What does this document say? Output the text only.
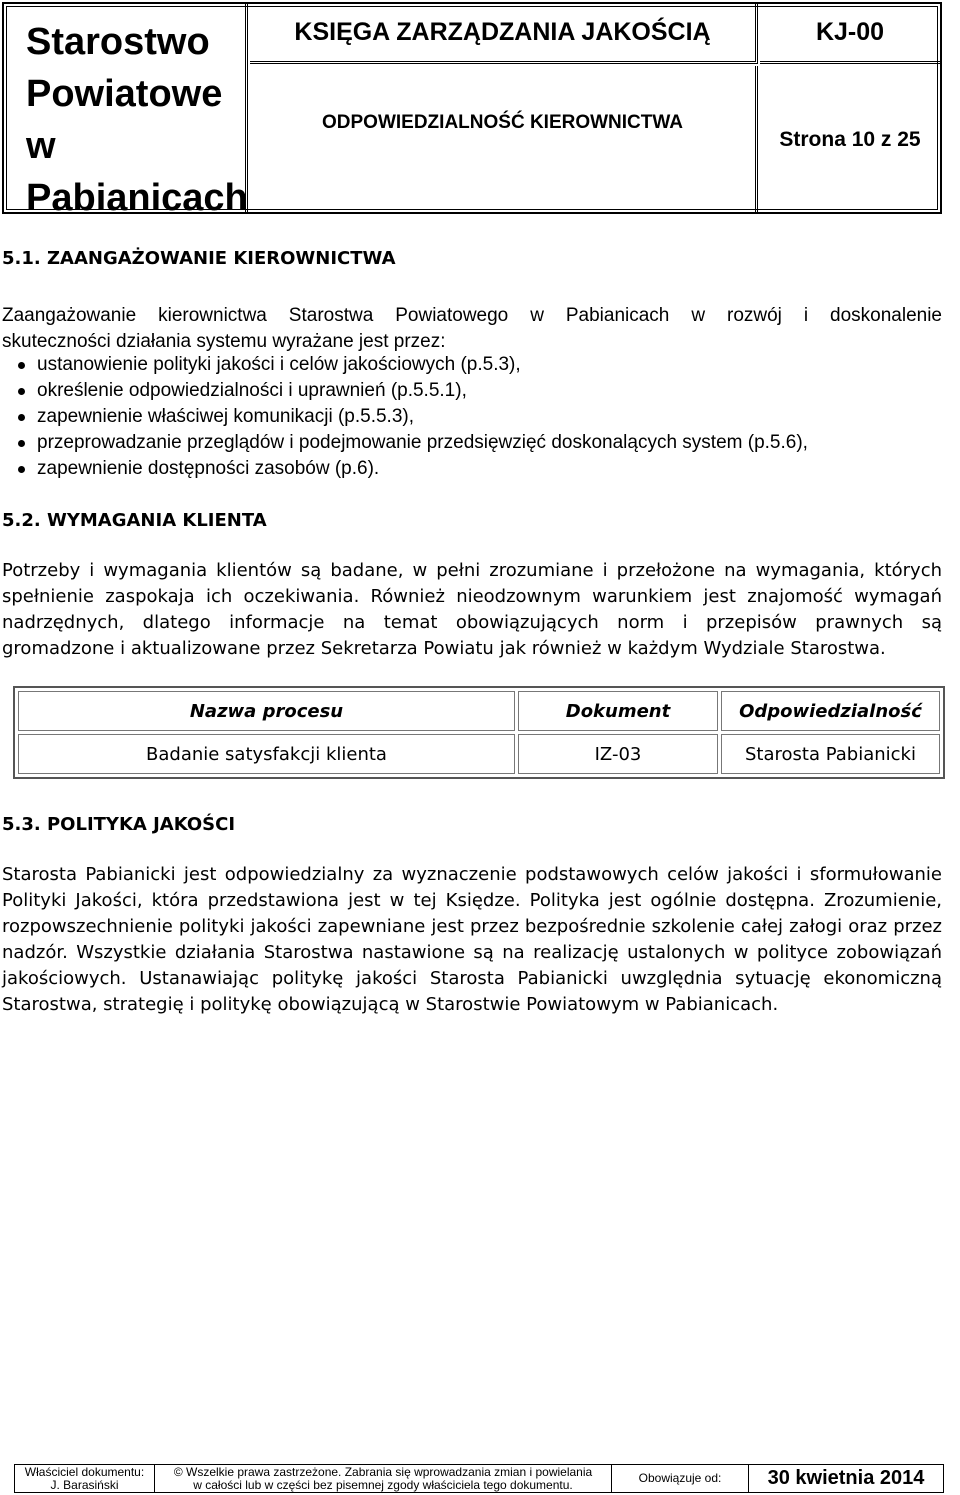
Starostwo
Powiatowe
w
Pabianicach
KSIĘGA ZARZĄDZANIA JAKOŚCIĄ	KJ-00
ODPOWIEDZIALNOŚĆ KIEROWNICTWA
Strona 10 z 25
5.1. ZAANGAŻOWANIE KIEROWNICTWA
Zaangażowanie kierownictwa Starostwa Powiatowego w Pabianicach w rozwój i doskonalenie
skuteczności działania systemu wyrażane jest przez:
ustanowienie polityki jakości i celów jakościowych (p.5.3),
określenie odpowiedzialności i uprawnień (p.5.5.1),
zapewnienie właściwej komunikacji (p.5.5.3),
przeprowadzanie przeglądów i podejmowanie przedsięwzięć doskonalących system (p.5.6),
zapewnienie dostępności zasobów (p.6).
5.2. WYMAGANIA KLIENTA
Potrzeby i wymagania klientów są badane, w pełni zrozumiane i przełożone na wymagania, których
spełnienie zaspokaja ich oczekiwania. Również nieodzownym warunkiem jest znajomość wymagań
nadrzędnych, dlatego informacje na temat obowiązujących norm i przepisów prawnych są
gromadzone i aktualizowane przez Sekretarza Powiatu jak również w każdym Wydziale Starostwa.
Nazwa procesu	Dokument	Odpowiedzialność
Badanie satysfakcji klienta	IZ-03	Starosta Pabianicki
5.3. POLITYKA JAKOŚCI
Starosta Pabianicki jest odpowiedzialny za wyznaczenie podstawowych celów jakości i sformułowanie
Polityki Jakości, która przedstawiona jest w tej Księdze. Polityka jest ogólnie dostępna. Zrozumienie,
rozpowszechnienie polityki jakości zapewniane jest przez bezpośrednie szkolenie całej załogi oraz przez
nadzór. Wszystkie działania Starostwa nastawione są na realizację ustalonych w polityce zobowiązań
jakościowych. Ustanawiając politykę jakości Starosta Pabianicki uwzględnia sytuację ekonomiczną
Starostwa, strategię i politykę obowiązującą w Starostwie Powiatowym w Pabianicach.
Właściciel dokumentu:
J. Barasiński
© Wszelkie prawa zastrzeżone. Zabrania się wprowadzania zmian i powielania
w całości lub w części bez pisemnej zgody właściciela tego dokumentu.	Obowiązuje od:	30 kwietnia 2014
